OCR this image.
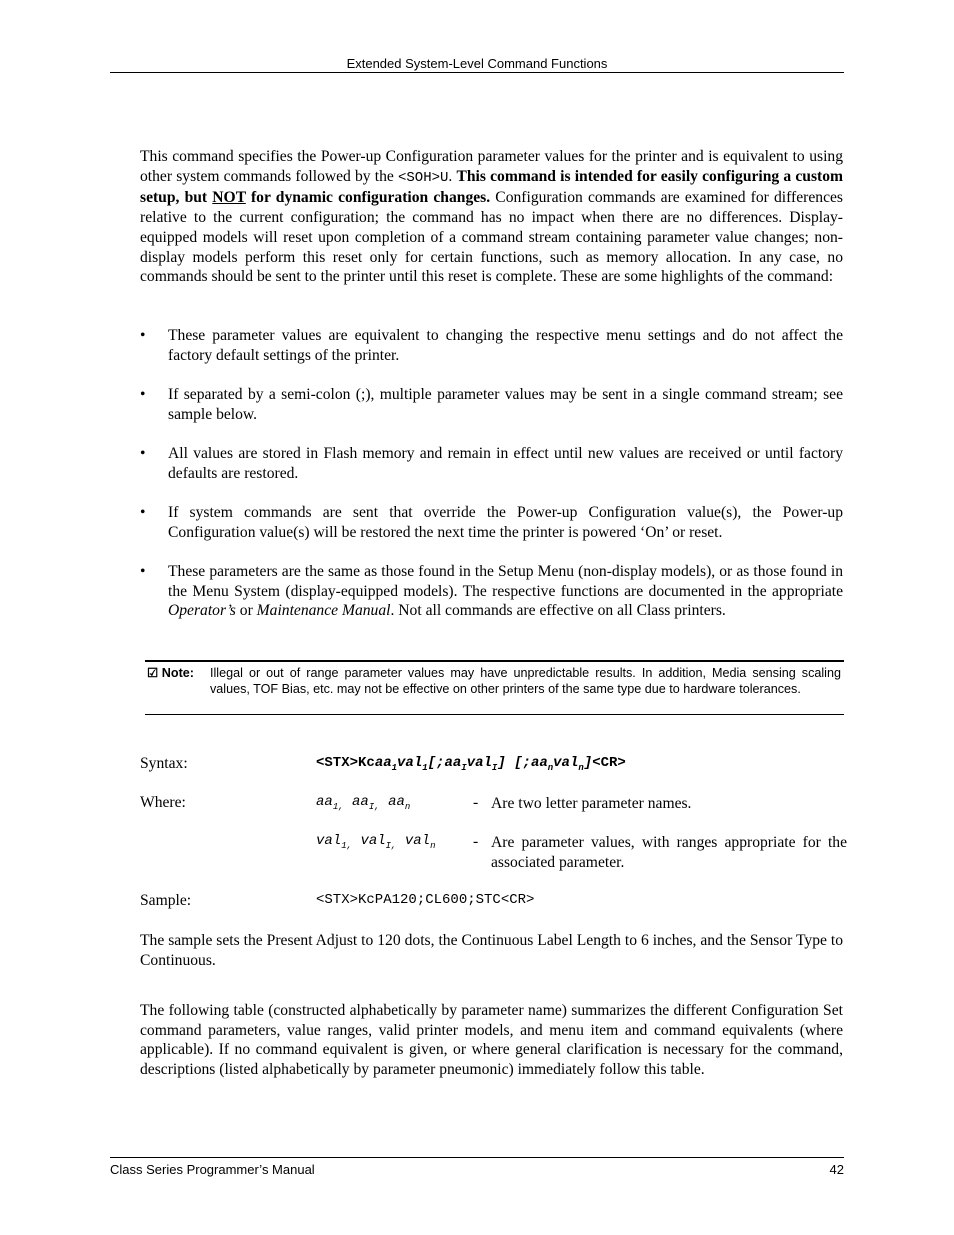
Extended System-Level Command Functions
This command specifies the Power-up Configuration parameter values for the printer and is equivalent to using other system commands followed by the <SOH>U. This command is intended for easily configuring a custom setup, but NOT for dynamic configuration changes. Configuration commands are examined for differences relative to the current configuration; the command has no impact when there are no differences. Display-equipped models will reset upon completion of a command stream containing parameter value changes; non-display models perform this reset only for certain functions, such as memory allocation. In any case, no commands should be sent to the printer until this reset is complete. These are some highlights of the command:
• These parameter values are equivalent to changing the respective menu settings and do not affect the factory default settings of the printer.
• If separated by a semi-colon (;), multiple parameter values may be sent in a single command stream; see sample below.
• All values are stored in Flash memory and remain in effect until new values are received or until factory defaults are restored.
• If system commands are sent that override the Power-up Configuration value(s), the Power-up Configuration value(s) will be restored the next time the printer is powered ‘On’ or reset.
• These parameters are the same as those found in the Setup Menu (non-display models), or as those found in the Menu System (display-equipped models). The respective functions are documented in the appropriate Operator’s or Maintenance Manual. Not all commands are effective on all Class printers.
☑ Note: Illegal or out of range parameter values may have unpredictable results. In addition, Media sensing scaling values, TOF Bias, etc. may not be effective on other printers of the same type due to hardware tolerances.
Syntax:	$<STX>Kcaa_1val_1[;aa_Ival_I]$ $[;aa_nval_n]<CR>$
Where:	$aa_{1,}$ $aa_{I,}$ $aa_n$	- Are two letter parameter names.
val$_{1,}$ val$_{I,}$ val$_n$ - Are parameter values, with ranges appropriate for the associated parameter.
Sample:	<STX>KcPA120;CL600;STC<CR>
The sample sets the Present Adjust to 120 dots, the Continuous Label Length to 6 inches, and the Sensor Type to Continuous.
The following table (constructed alphabetically by parameter name) summarizes the different Configuration Set command parameters, value ranges, valid printer models, and menu item and command equivalents (where applicable). If no command equivalent is given, or where general clarification is necessary for the command, descriptions (listed alphabetically by parameter pneumonic) immediately follow this table.
Class Series Programmer’s Manual	42
